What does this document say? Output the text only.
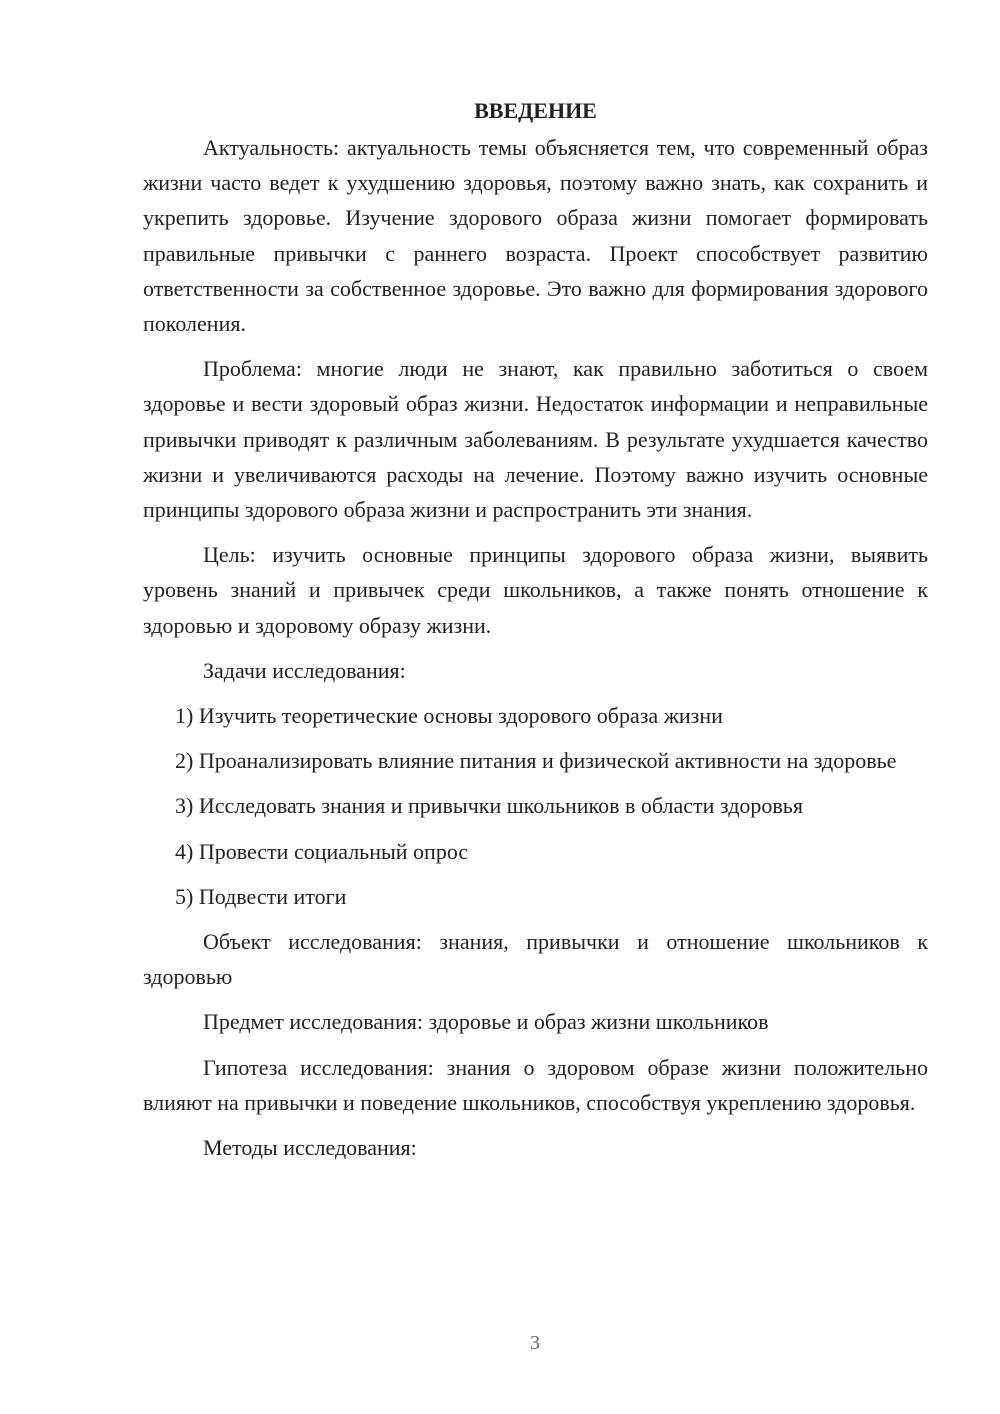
ВВЕДЕНИЕ

Актуальность: актуальность темы объясняется тем, что современный образ жизни часто ведет к ухудшению здоровья, поэтому важно знать, как сохранить и укрепить здоровье. Изучение здорового образа жизни помогает формировать правильные привычки с раннего возраста. Проект способствует развитию ответственности за собственное здоровье. Это важно для формирования здорового поколения.

Проблема: многие люди не знают, как правильно заботиться о своем здоровье и вести здоровый образ жизни. Недостаток информации и неправильные привычки приводят к различным заболеваниям. В результате ухудшается качество жизни и увеличиваются расходы на лечение. Поэтому важно изучить основные принципы здорового образа жизни и распространить эти знания.

Цель: изучить основные принципы здорового образа жизни, выявить уровень знаний и привычек среди школьников, а также понять отношение к здоровью и здоровому образу жизни.

Задачи исследования:

1) Изучить теоретические основы здорового образа жизни

2) Проанализировать влияние питания и физической активности на здоровье

3) Исследовать знания и привычки школьников в области здоровья

4) Провести социальный опрос

5) Подвести итоги

Объект исследования: знания, привычки и отношение школьников к здоровью

Предмет исследования: здоровье и образ жизни школьников

Гипотеза исследования: знания о здоровом образе жизни положительно влияют на привычки и поведение школьников, способствуя укреплению здоровья.

Методы исследования:

3
